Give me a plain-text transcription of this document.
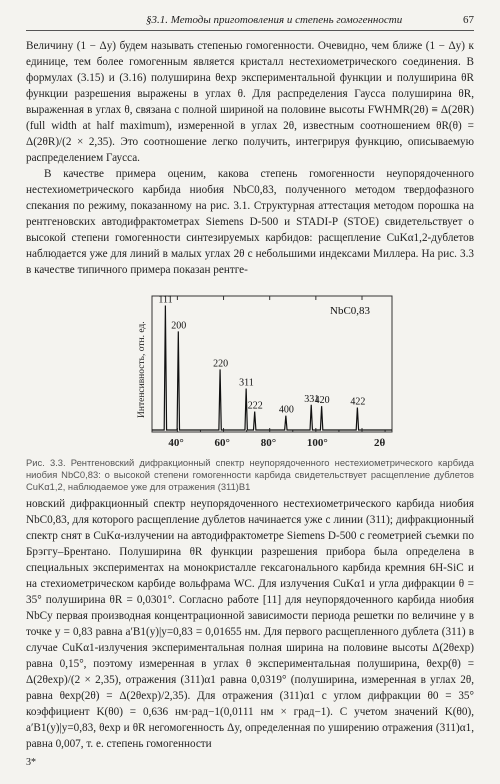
§3.1. Методы приготовления и степень гомогенности	67

Величину (1 − Δy) будем называть степенью гомогенности. Очевидно, чем ближе (1 − Δy) к единице, тем более гомогенным является кристалл нестехиометрического соединения. В формулах (3.15) и (3.16) полуширина θexp экспериментальной функции и полуширина θR функции разрешения выражены в углах θ. Для распределения Гаусса полуширина θR, выраженная в углах θ, связана с полной шириной на половине высоты FWHMR(2θ) ≡ Δ(2θR) (full width at half maximum), измеренной в углах 2θ, известным соотношением θR(θ) = Δ(2θR)/(2 × 2,35). Это соотношение легко получить, интегрируя функцию, описываемую распределением Гаусса.

В качестве примера оценим, какова степень гомогенности неупорядоченного нестехиометрического карбида ниобия NbC0,83, полученного методом твердофазного спекания по режиму, показанному на рис. 3.1. Структурная аттестация методом порошка на рентгеновских автодифрактометрах Siemens D-500 и STADI-P (STOE) свидетельствует о высокой степени гомогенности синтезируемых карбидов: расщепление CuKα1,2-дублетов наблюдается уже для линий в малых углах 2θ с небольшими индексами Миллера. На рис. 3.3 в качестве типичного примера показан рентге-

111
200
220
311
222 400
331
420 422
40°	60°	80°	100°	2θ
Интенсивность, отн. ед.
NbC0,83
Рис. 3.3. Рентгеновский дифракционный спектр неупорядоченного нестехиометрического карбида ниобия NbC0,83: о высокой степени гомогенности карбида свидетельствует расщепление дублетов CuKα1,2, наблюдаемое уже для отражения (311)B1

новский дифракционный спектр неупорядоченного нестехиометрического карбида ниобия NbC0,83, для которого расщепление дублетов начинается уже с линии (311); дифракционный спектр снят в CuKα-излучении на автодифрактометре Siemens D-500 с геометрией съемки по Брэггу–Брентано. Полуширина θR функции разрешения прибора была определена в специальных экспериментах на монокристалле гексагонального карбида кремния 6H-SiC и на стехиометрическом карбиде вольфрама WC. Для излучения CuKα1 и угла дифракции θ = 35° полуширина θR = 0,0301°. Согласно работе [11] для неупорядоченного карбида ниобия NbCy первая производная концентрационной зависимости периода решетки по величине y в точке y = 0,83 равна a′B1(y)|y=0,83 = 0,01655 нм. Для первого расщепленного дублета (311) в случае CuKα1-излучения экспериментальная полная ширина на половине высоты Δ(2θexp) равна 0,15°, поэтому измеренная в углах θ экспериментальная полуширина, θexp(θ) = Δ(2θexp)/(2 × 2,35), отражения (311)α1 равна 0,0319° (полуширина, измеренная в углах 2θ, равна θexp(2θ) = Δ(2θexp)/2,35). Для отражения (311)α1 с углом дифракции θ0 = 35° коэффициент K(θ0) = 0,636 нм·рад−1(0,0111 нм × град−1). С учетом значений K(θ0), a′B1(y)|y=0,83, θexp и θR негомогенность Δy, определенная по уширению отражения (311)α1, равна 0,007, т. е. степень гомогенности

3*
